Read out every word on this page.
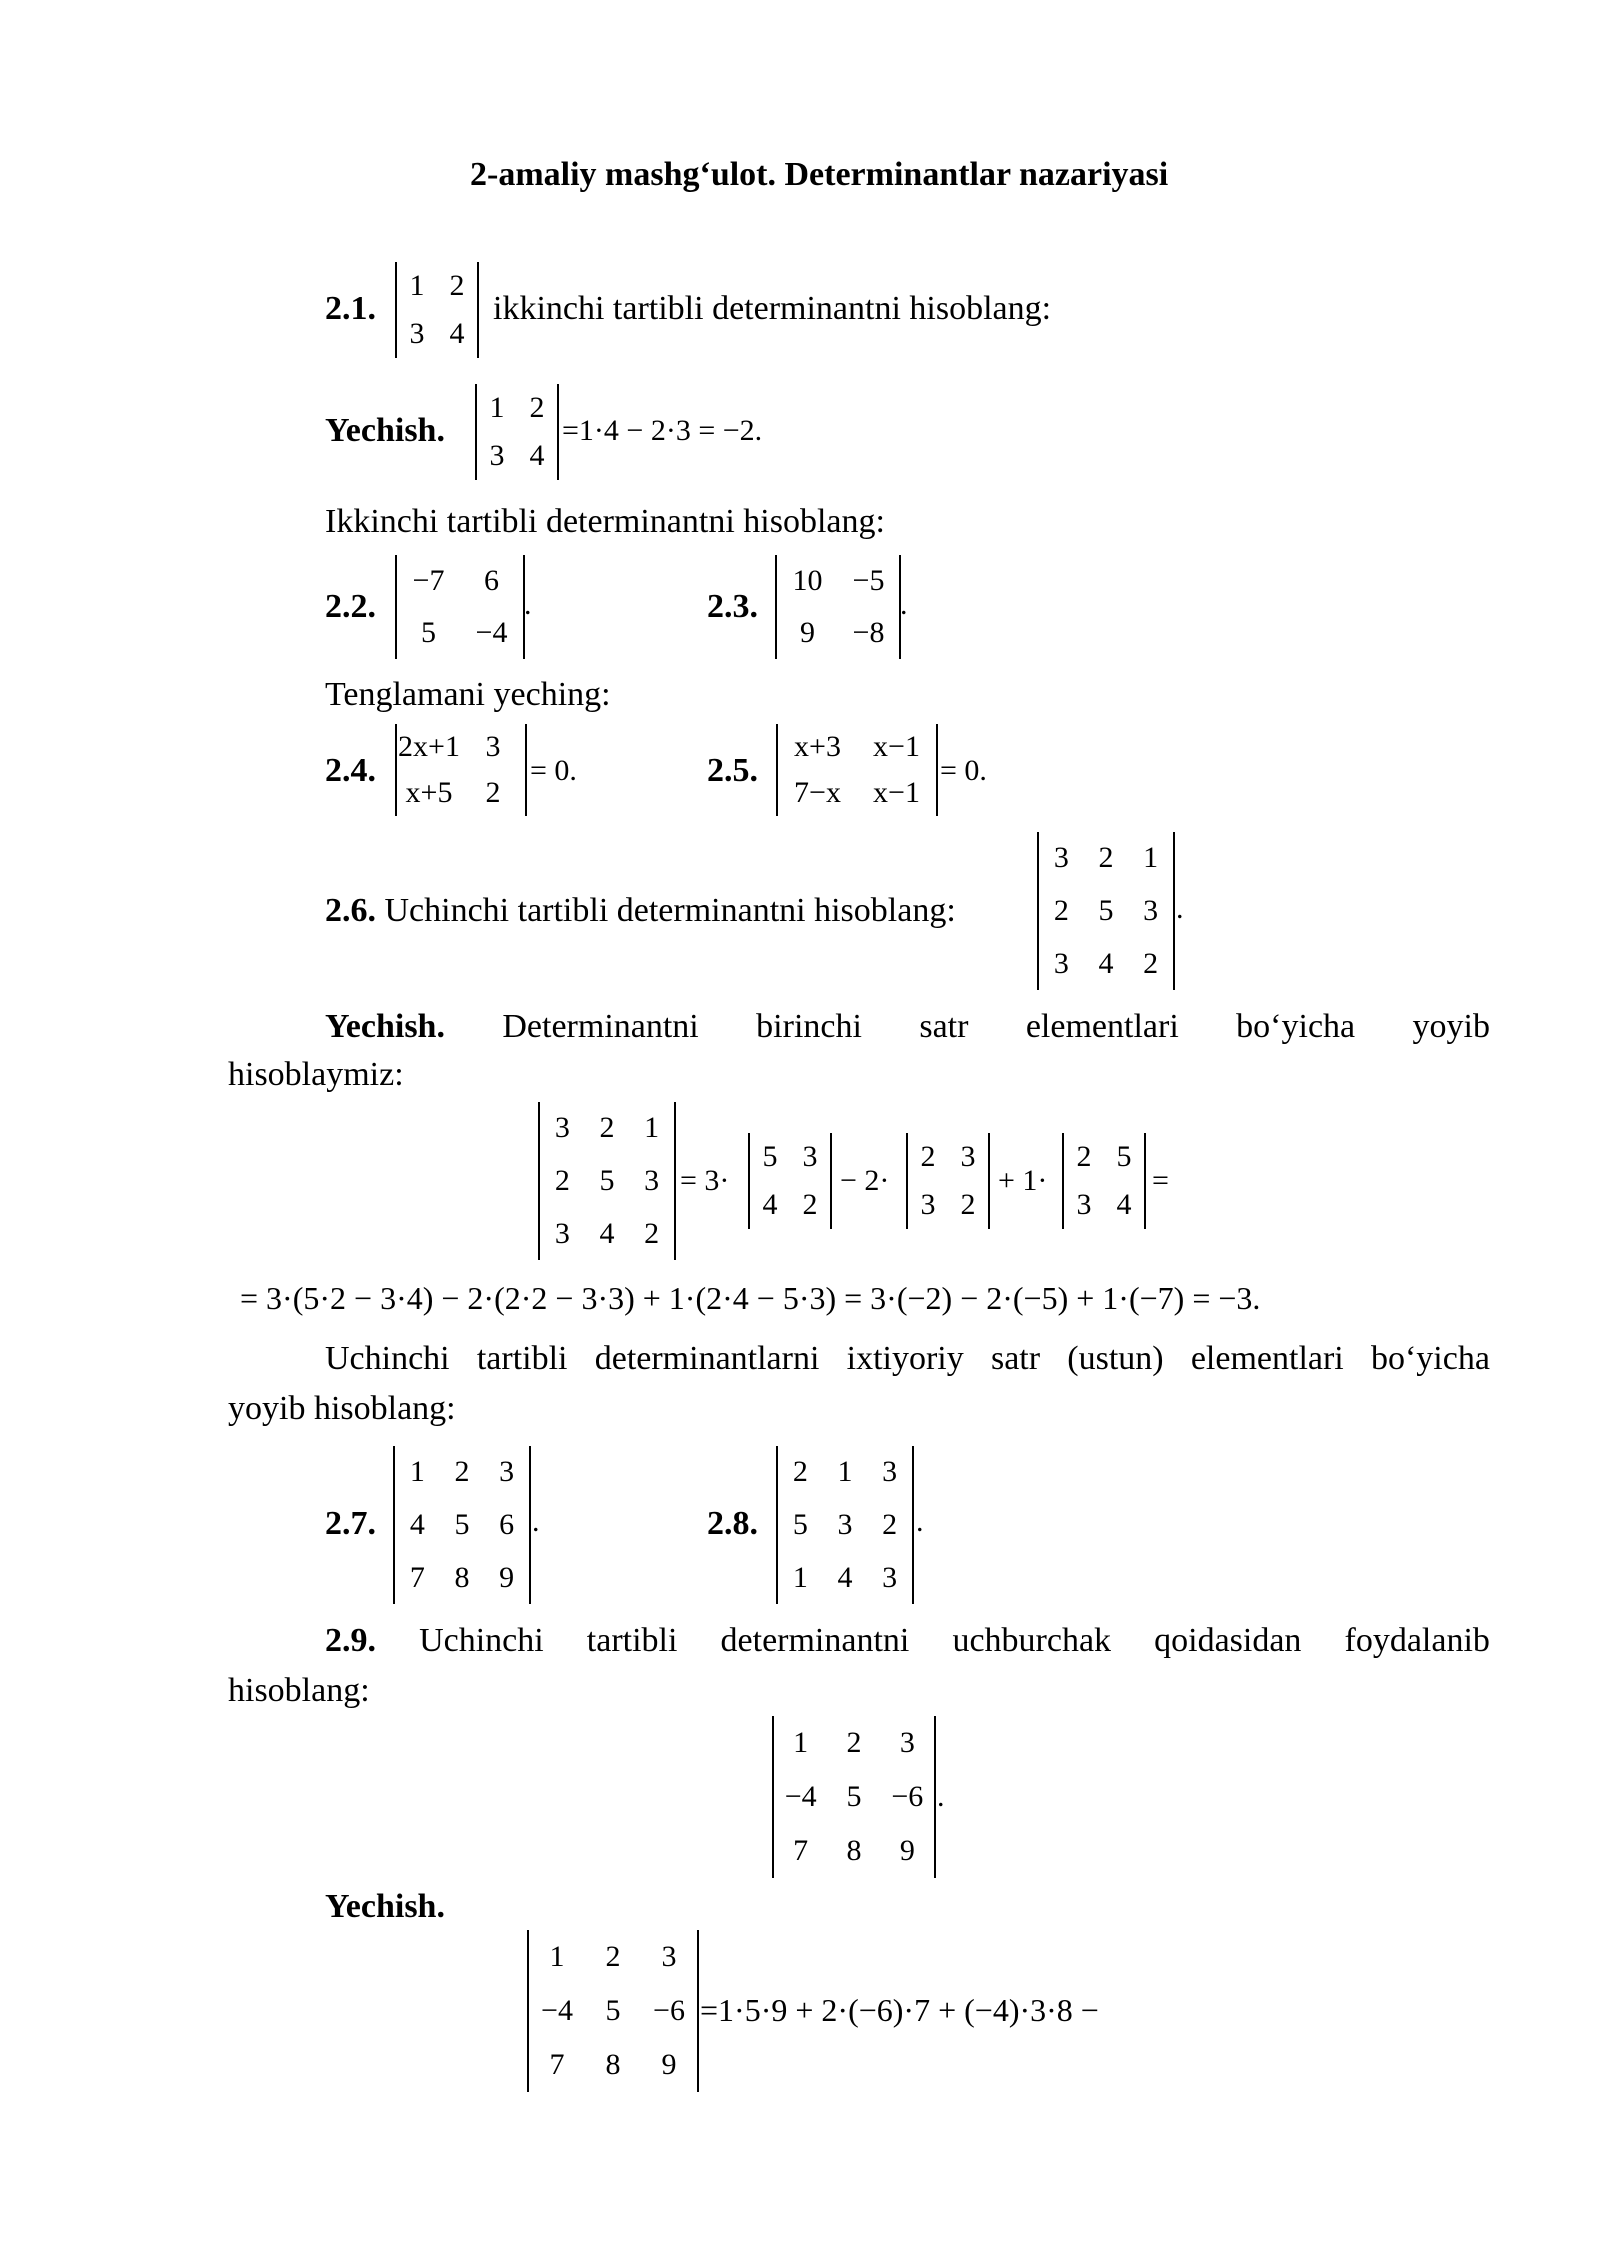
2-amaliy mashg‘ulot. Determinantlar nazariyasi
2.1.
1 2
3 4
ikkinchi tartibli determinantni hisoblang:
Yechish.
1 2
3 4
=1·4 − 2·3 = −2.
Ikkinchi tartibli determinantni hisoblang:
2.2.
−7 6
5 −4
.	2.3.
10 −5
9 −8
.
Tenglamani yeching:
2.4.
2x+1 3
x+5 2
= 0.	2.5.
x+3 x−1
7−x x−1
= 0.
2.6. Uchinchi tartibli determinantni hisoblang:
3 2 1
2 5 3
3 4 2
.
Yechish. Determinantni birinchi satr elementlari bo‘yicha yoyib
hisoblaymiz:
3 2 1
2 5 3
3 4 2
= 3·
5 3
4 2
− 2·
2 3
3 2
+ 1·
2 5
3 4
=
= 3·(5·2 − 3·4) − 2·(2·2 − 3·3) + 1·(2·4 − 5·3) = 3·(−2) − 2·(−5) + 1·(−7) = −3.
Uchinchi tartibli determinantlarni ixtiyoriy satr (ustun) elementlari bo‘yicha
yoyib hisoblang:
2.7.
1 2 3
4 5 6
7 8 9
.	2.8.
2 1 3
5 3 2
1 4 3
.
2.9. Uchinchi tartibli determinantni uchburchak qoidasidan foydalanib
hisoblang:
1 2 3
−4 5 −6
7 8 9
.
Yechish.
1 2 3
−4 5 −6
7 8 9
=1·5·9 + 2·(−6)·7 + (−4)·3·8 −
